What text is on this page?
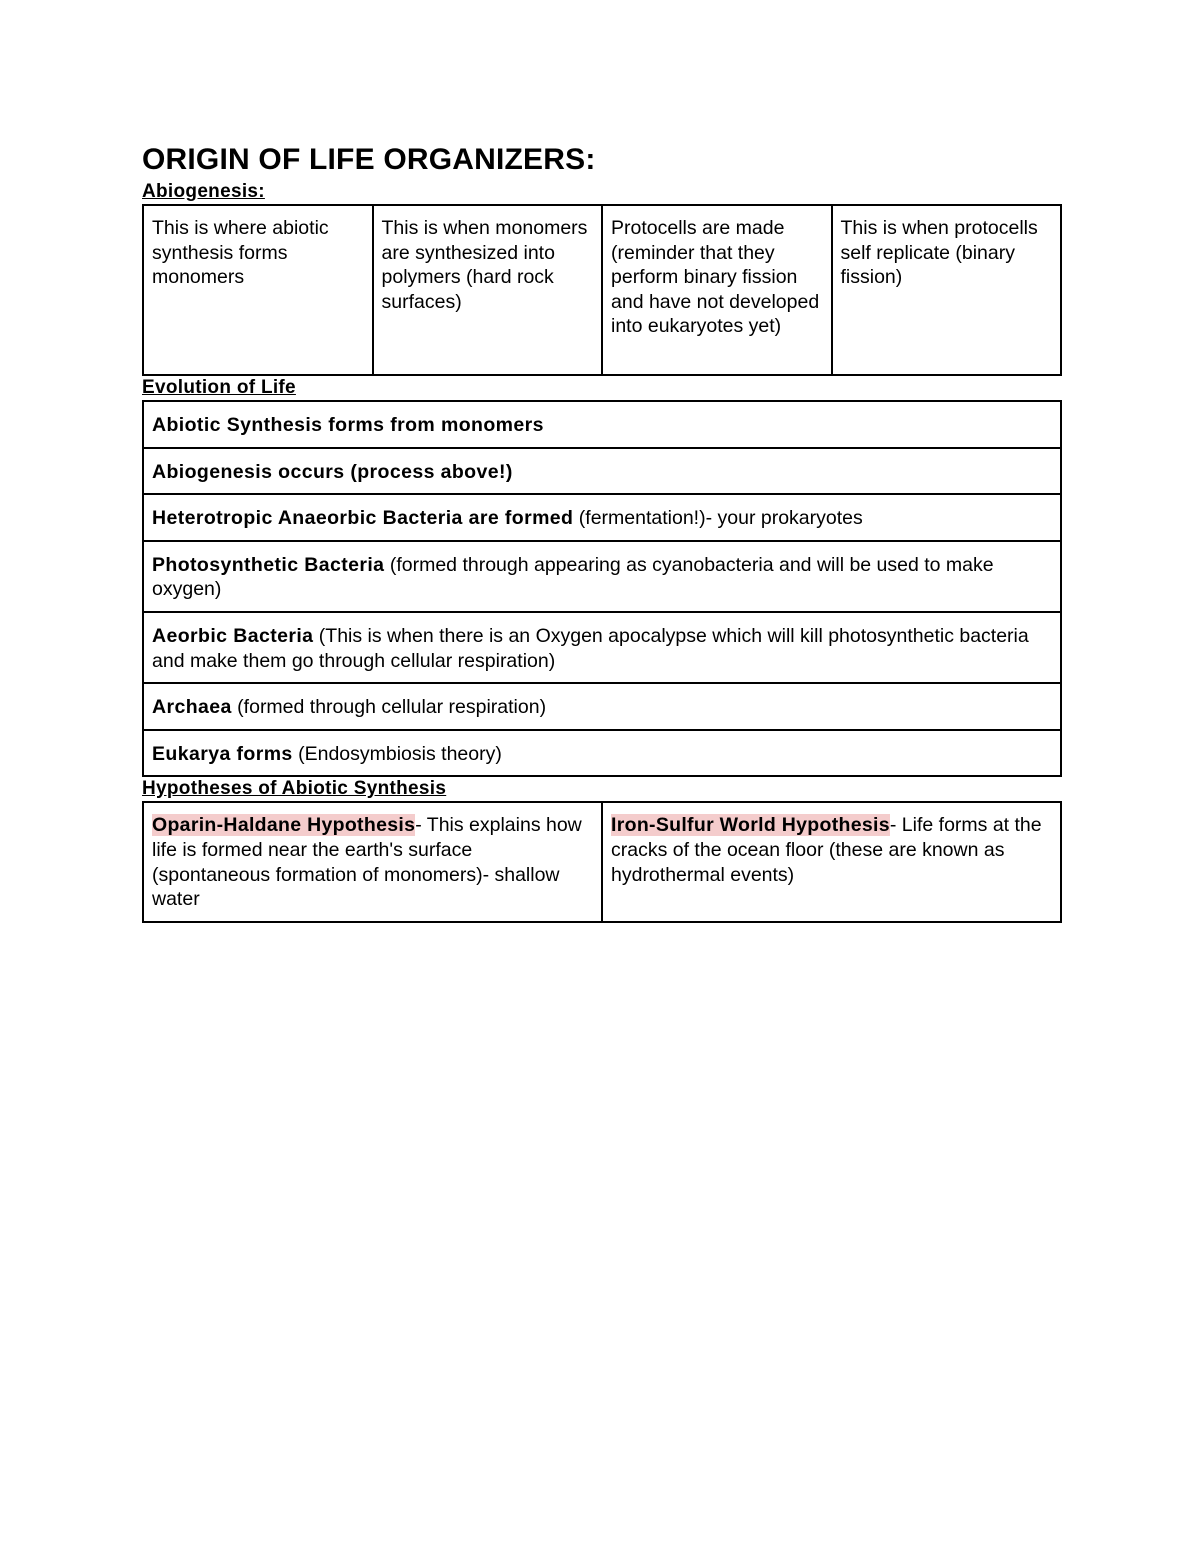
ORIGIN OF LIFE ORGANIZERS:
Abiogenesis:
This is where abiotic synthesis forms monomers	This is when monomers are synthesized into polymers (hard rock surfaces)	Protocells are made (reminder that they perform binary fission and have not developed into eukaryotes yet)	This is when protocells self replicate (binary fission)
Evolution of Life
Abiotic Synthesis forms from monomers
Abiogenesis occurs (process above!)
Heterotropic Anaeorbic Bacteria are formed (fermentation!)- your prokaryotes
Photosynthetic Bacteria (formed through appearing as cyanobacteria and will be used to make oxygen)
Aeorbic Bacteria (This is when there is an Oxygen apocalypse which will kill photosynthetic bacteria and make them go through cellular respiration)
Archaea (formed through cellular respiration)
Eukarya forms (Endosymbiosis theory)
Hypotheses of Abiotic Synthesis
Oparin-Haldane Hypothesis- This explains how life is formed near the earth's surface (spontaneous formation of monomers)- shallow water	Iron-Sulfur World Hypothesis- Life forms at the cracks of the ocean floor (these are known as hydrothermal events)
